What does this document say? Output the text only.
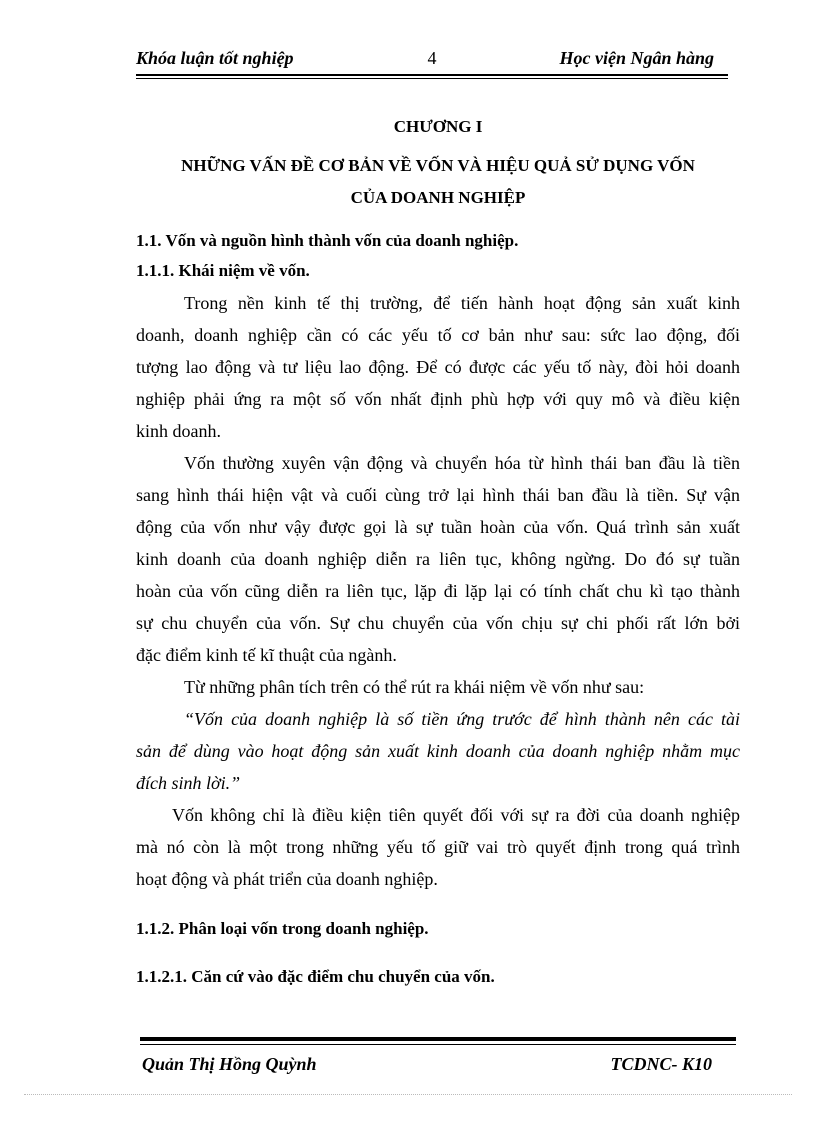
Khóa luận tốt nghiệp	4	Học viện Ngân hàng
CHƯƠNG I
NHỮNG VẤN ĐỀ CƠ BẢN VỀ VỐN VÀ HIỆU QUẢ SỬ DỤNG VỐN
CỦA DOANH NGHIỆP
1.1. Vốn và nguồn hình thành vốn của doanh nghiệp.
1.1.1. Khái niệm về vốn.
Trong nền kinh tế thị trường, để tiến hành hoạt động sản xuất kinh
doanh, doanh nghiệp cần có các yếu tố cơ bản như sau: sức lao động, đối
tượng lao động và tư liệu lao động. Để có được các yếu tố này, đòi hỏi doanh
nghiệp phải ứng ra một số vốn nhất định phù hợp với quy mô và điều kiện
kinh doanh.
Vốn thường xuyên vận động và chuyển hóa từ hình thái ban đầu là tiền
sang hình thái hiện vật và cuối cùng trở lại hình thái ban đầu là tiền. Sự vận
động của vốn như vậy được gọi là sự tuần hoàn của vốn. Quá trình sản xuất
kinh doanh của doanh nghiệp diễn ra liên tục, không ngừng. Do đó sự tuần
hoàn của vốn cũng diễn ra liên tục, lặp đi lặp lại có tính chất chu kì tạo thành
sự chu chuyển của vốn. Sự chu chuyển của vốn chịu sự chi phối rất lớn bởi
đặc điểm kinh tế kĩ thuật của ngành.
Từ những phân tích trên có thể rút ra khái niệm về vốn như sau:
“Vốn của doanh nghiệp là số tiền ứng trước để hình thành nên các tài
sản để dùng vào hoạt động sản xuất kinh doanh của doanh nghiệp nhằm mục
đích sinh lời.”
Vốn không chỉ là điều kiện tiên quyết đối với sự ra đời của doanh nghiệp
mà nó còn là một trong những yếu tố giữ vai trò quyết định trong quá trình
hoạt động và phát triển của doanh nghiệp.
1.1.2. Phân loại vốn trong doanh nghiệp.
1.1.2.1. Căn cứ vào đặc điểm chu chuyển của vốn.
Quản Thị Hồng Quỳnh	TCDNC- K10
